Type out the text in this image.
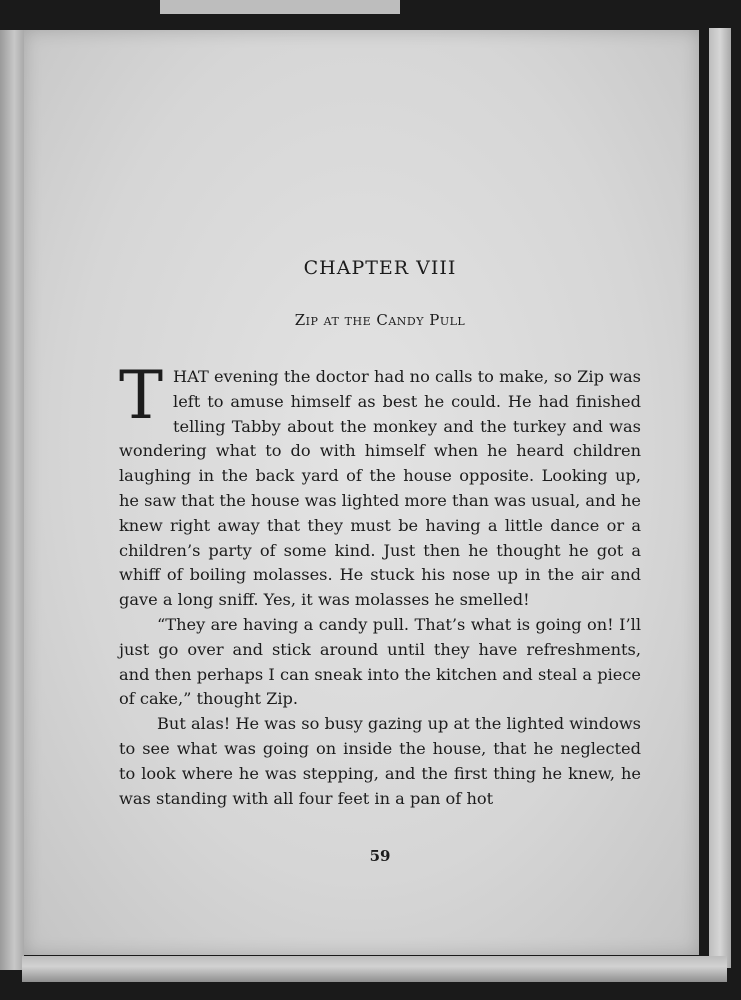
CHAPTER VIII
Zip at the Candy Pull

THAT evening the doctor had no calls to make, so Zip was left to amuse himself as best he could. He had finished telling Tabby about the monkey and the turkey and was wondering what to do with himself when he heard children laughing in the back yard of the house opposite. Looking up, he saw that the house was lighted more than was usual, and he knew right away that they must be having a little dance or a children’s party of some kind. Just then he thought he got a whiff of boiling molasses. He stuck his nose up in the air and gave a long sniff. Yes, it was molasses he smelled!

“They are having a candy pull. That’s what is going on! I’ll just go over and stick around until they have refreshments, and then perhaps I can sneak into the kitchen and steal a piece of cake,” thought Zip.

But alas! He was so busy gazing up at the lighted windows to see what was going on inside the house, that he neglected to look where he was stepping, and the first thing he knew, he was standing with all four feet in a pan of hot

59
